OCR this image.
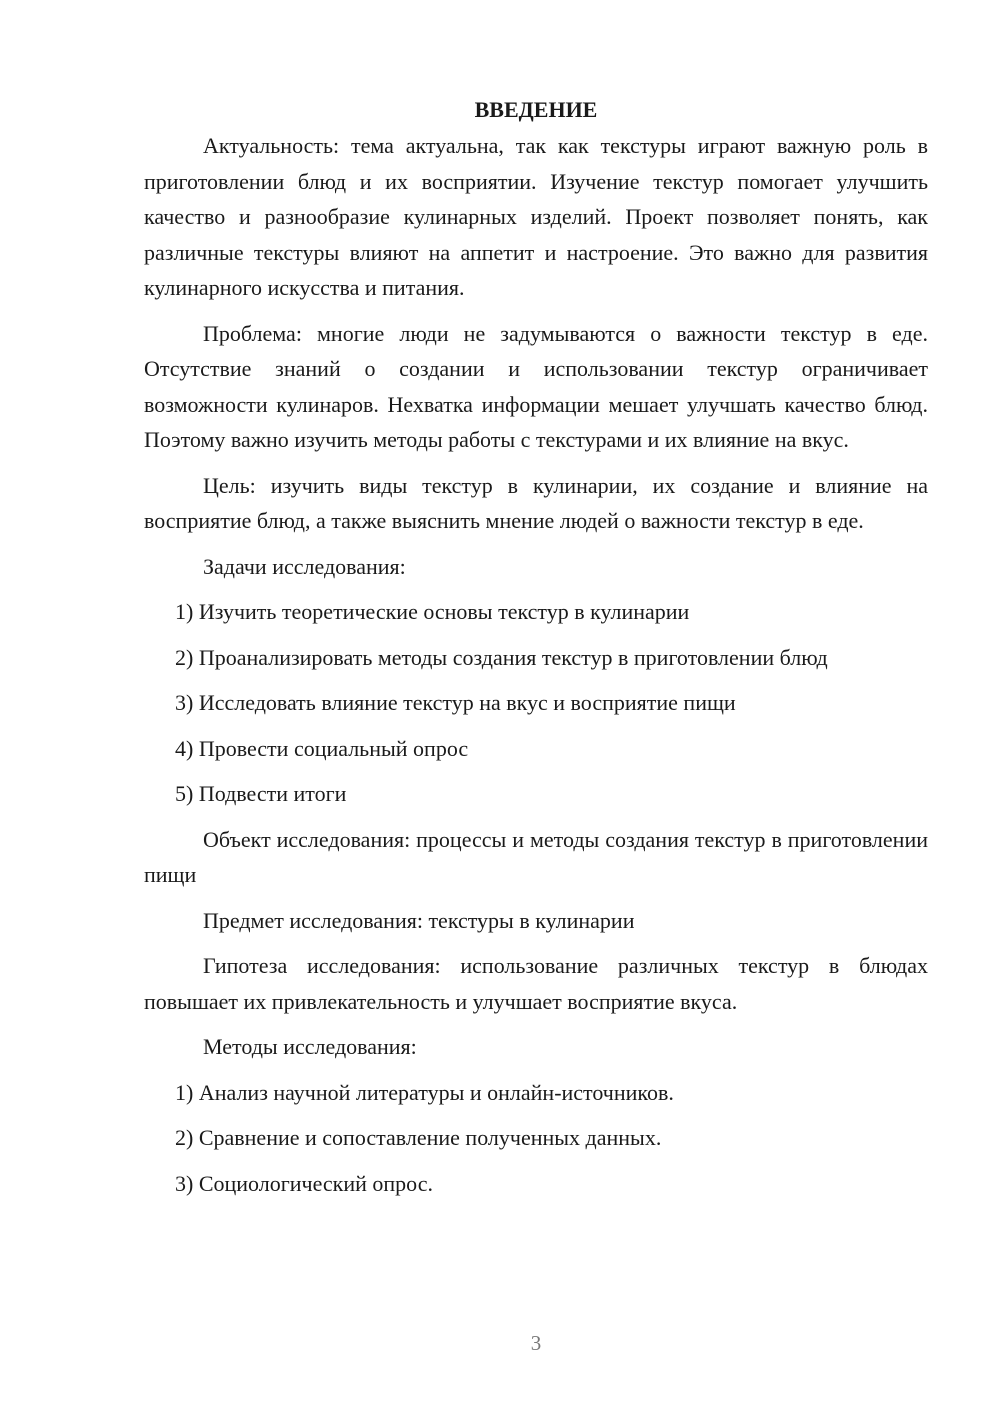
ВВЕДЕНИЕ

Актуальность: тема актуальна, так как текстуры играют важную роль в приготовлении блюд и их восприятии. Изучение текстур помогает улучшить качество и разнообразие кулинарных изделий. Проект позволяет понять, как различные текстуры влияют на аппетит и настроение. Это важно для развития кулинарного искусства и питания.

Проблема: многие люди не задумываются о важности текстур в еде. Отсутствие знаний о создании и использовании текстур ограничивает возможности кулинаров. Нехватка информации мешает улучшать качество блюд. Поэтому важно изучить методы работы с текстурами и их влияние на вкус.

Цель: изучить виды текстур в кулинарии, их создание и влияние на восприятие блюд, а также выяснить мнение людей о важности текстур в еде.

Задачи исследования:

1) Изучить теоретические основы текстур в кулинарии

2) Проанализировать методы создания текстур в приготовлении блюд

3) Исследовать влияние текстур на вкус и восприятие пищи

4) Провести социальный опрос

5) Подвести итоги

Объект исследования: процессы и методы создания текстур в приготовлении пищи

Предмет исследования: текстуры в кулинарии

Гипотеза исследования: использование различных текстур в блюдах повышает их привлекательность и улучшает восприятие вкуса.

Методы исследования:

1) Анализ научной литературы и онлайн-источников.

2) Сравнение и сопоставление полученных данных.

3) Социологический опрос.

3
